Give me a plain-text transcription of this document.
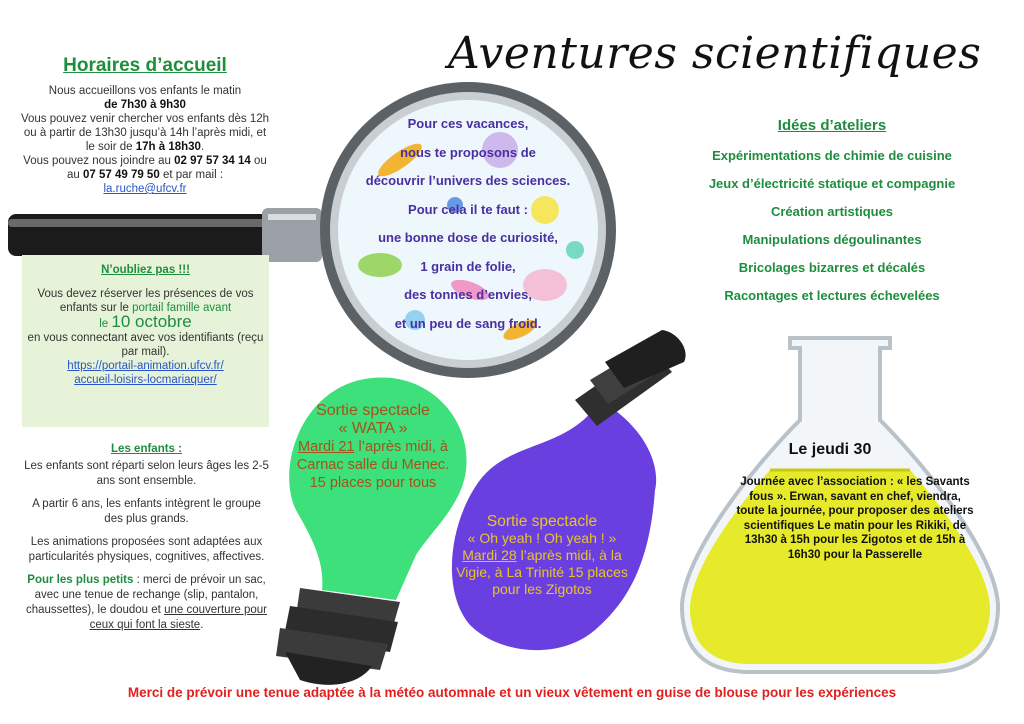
Aventures scientifiques
Horaires d’accueil
Nous accueillons vos enfants le matin
de 7h30 à 9h30
Vous pouvez venir chercher vos enfants dès 12h ou à partir de 13h30 jusqu’à 14h l’après midi, et le soir de 17h à 18h30.
Vous pouvez nous joindre au 02 97 57 34 14 ou au 07 57 49 79 50 et par mail :
la.ruche@ufcv.fr
N’oubliez pas !!!
Vous devez réserver les présences de vos enfants sur le portail famille avant
le 10 octobre
en vous connectant avec vos identifiants (reçu par mail).
https://portail-animation.ufcv.fr/ accueil-loisirs-locmariaquer/
Les enfants :

Les enfants sont réparti selon leurs âges les 2-5 ans sont ensemble.

A partir 6 ans, les enfants intègrent le groupe des plus grands.

Les animations proposées sont adaptées aux particularités physiques, cognitives, affectives.

Pour les plus petits : merci de prévoir un sac, avec une tenue de rechange (slip, pantalon, chaussettes), le doudou et une couverture pour ceux qui font la sieste.

Pour ces vacances,
nous te proposons de
découvrir l’univers des sciences.
Pour cela il te faut :
une bonne dose de curiosité,
1 grain de folie,
des tonnes d’envies,
et un peu de sang froid.
Idées d’ateliers
Expérimentations de chimie de cuisine
Jeux d’électricité statique et compagnie
Création artistiques
Manipulations dégoulinantes
Bricolages bizarres et décalés
Racontages et lectures échevelées
Sortie spectacle
« WATA »
Mardi 21 l’après midi, à Carnac salle du Menec. 15 places pour tous
Sortie spectacle
« Oh yeah ! Oh yeah ! »
Mardi 28 l’après midi, à la Vigie, à La Trinité 15 places pour les Zigotos
Le jeudi 30
Journée avec l’association : « les Savants fous ». Erwan, savant en chef, viendra, toute la journée, pour proposer des ateliers scientifiques Le matin pour les Rikiki, de 13h30 à 15h pour les Zigotos et de 15h à 16h30 pour la Passerelle
Merci de prévoir une tenue adaptée à la météo automnale et un vieux vêtement en guise de blouse pour les expériences
